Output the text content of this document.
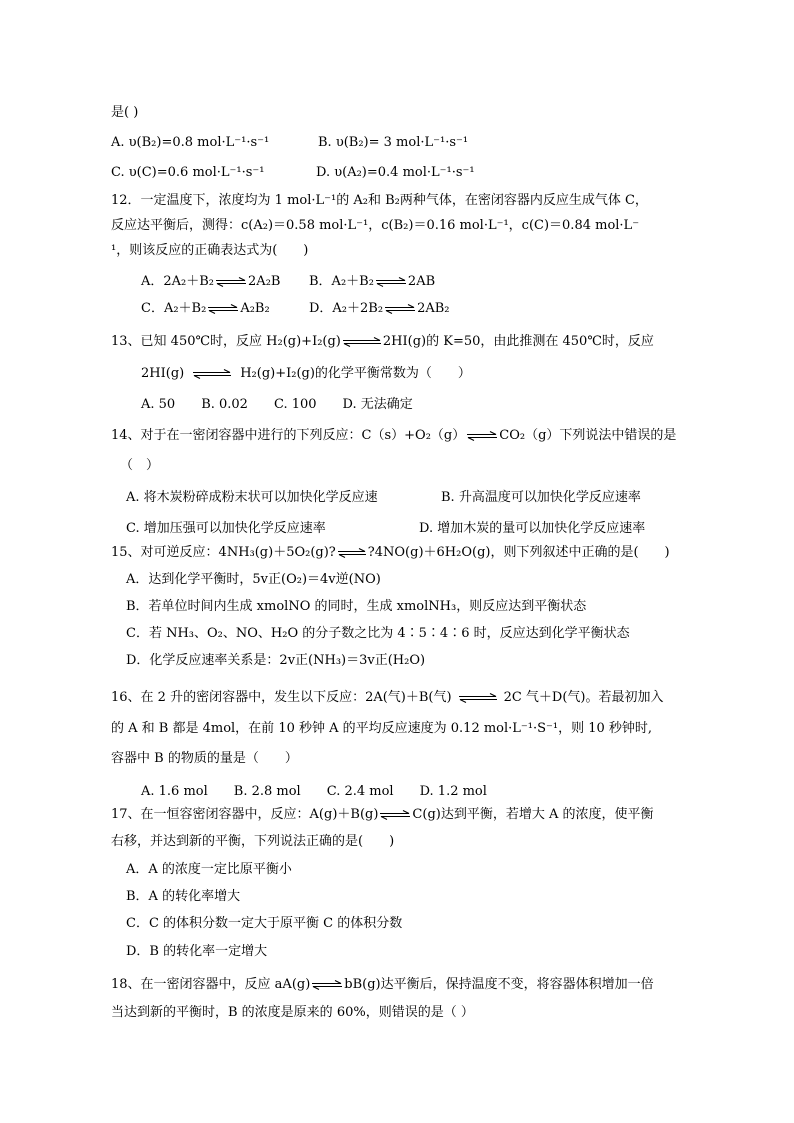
是( )
A. υ(B₂)=0.8 mol·L⁻¹·s⁻¹	B. υ(B₂)= 3 mol·L⁻¹·s⁻¹
C. υ(C)=0.6 mol·L⁻¹·s⁻¹	D. υ(A₂)=0.4 mol·L⁻¹·s⁻¹
12．一定温度下，浓度均为 1 mol·L⁻¹的 A₂和 B₂两种气体，在密闭容器内反应生成气体 C，
反应达平衡后，测得：c(A₂)＝0.58 mol·L⁻¹，c(B₂)＝0.16 mol·L⁻¹，c(C)＝0.84 mol·L⁻
¹，则该反应的正确表达式为(　　)
A．2A₂＋B₂⇌2A₂B B．A₂＋B₂⇌2AB
C．A₂＋B₂⇌A₂B₂	D．A₂＋2B₂⇌2AB₂
13、已知 450℃时，反应 H₂(g)+I₂(g)⇌2HI(g)的 K=50，由此推测在 450℃时，反应
2HI(g) ⇌ H₂(g)+I₂(g)的化学平衡常数为（　　）
A. 50　　B. 0.02　　C. 100　　D. 无法确定
14、对于在一密闭容器中进行的下列反应：C（s）+O₂（g）⇌CO₂（g）下列说法中错误的是
（　）
A. 将木炭粉碎成粉末状可以加快化学反应速	B. 升高温度可以加快化学反应速率
C. 增加压强可以加快化学反应速率	D. 增加木炭的量可以加快化学反应速率
15、对可逆反应：4NH₃(g)＋5O₂(g)?⇌?4NO(g)＋6H₂O(g)，则下列叙述中正确的是(　　)
A．达到化学平衡时，5v正(O₂)＝4v逆(NO)
B．若单位时间内生成 xmolNO 的同时，生成 xmolNH₃，则反应达到平衡状态
C．若 NH₃、O₂、NO、H₂O 的分子数之比为 4∶5∶4∶6 时，反应达到化学平衡状态
D．化学反应速率关系是：2v正(NH₃)＝3v正(H₂O)
16、在 2 升的密闭容器中，发生以下反应：2A(气)＋B(气) ⇌ 2C 气＋D(气)。若最初加入
的 A 和 B 都是 4mol，在前 10 秒钟 A 的平均反应速度为 0.12 mol·L⁻¹·S⁻¹，则 10 秒钟时,
容器中 B 的物质的量是（　　）
A. 1.6 mol　　B. 2.8 mol　　C. 2.4 mol　　D. 1.2 mol
17、在一恒容密闭容器中，反应：A(g)＋B(g)⇌C(g)达到平衡，若增大 A 的浓度，使平衡
右移，并达到新的平衡，下列说法正确的是(　　)
A．A 的浓度一定比原平衡小
B．A 的转化率增大
C．C 的体积分数一定大于原平衡 C 的体积分数
D．B 的转化率一定增大
18、在一密闭容器中，反应 aA(g)⇌bB(g)达平衡后，保持温度不变，将容器体积增加一倍
当达到新的平衡时，B 的浓度是原来的 60%，则错误的是（ ）
